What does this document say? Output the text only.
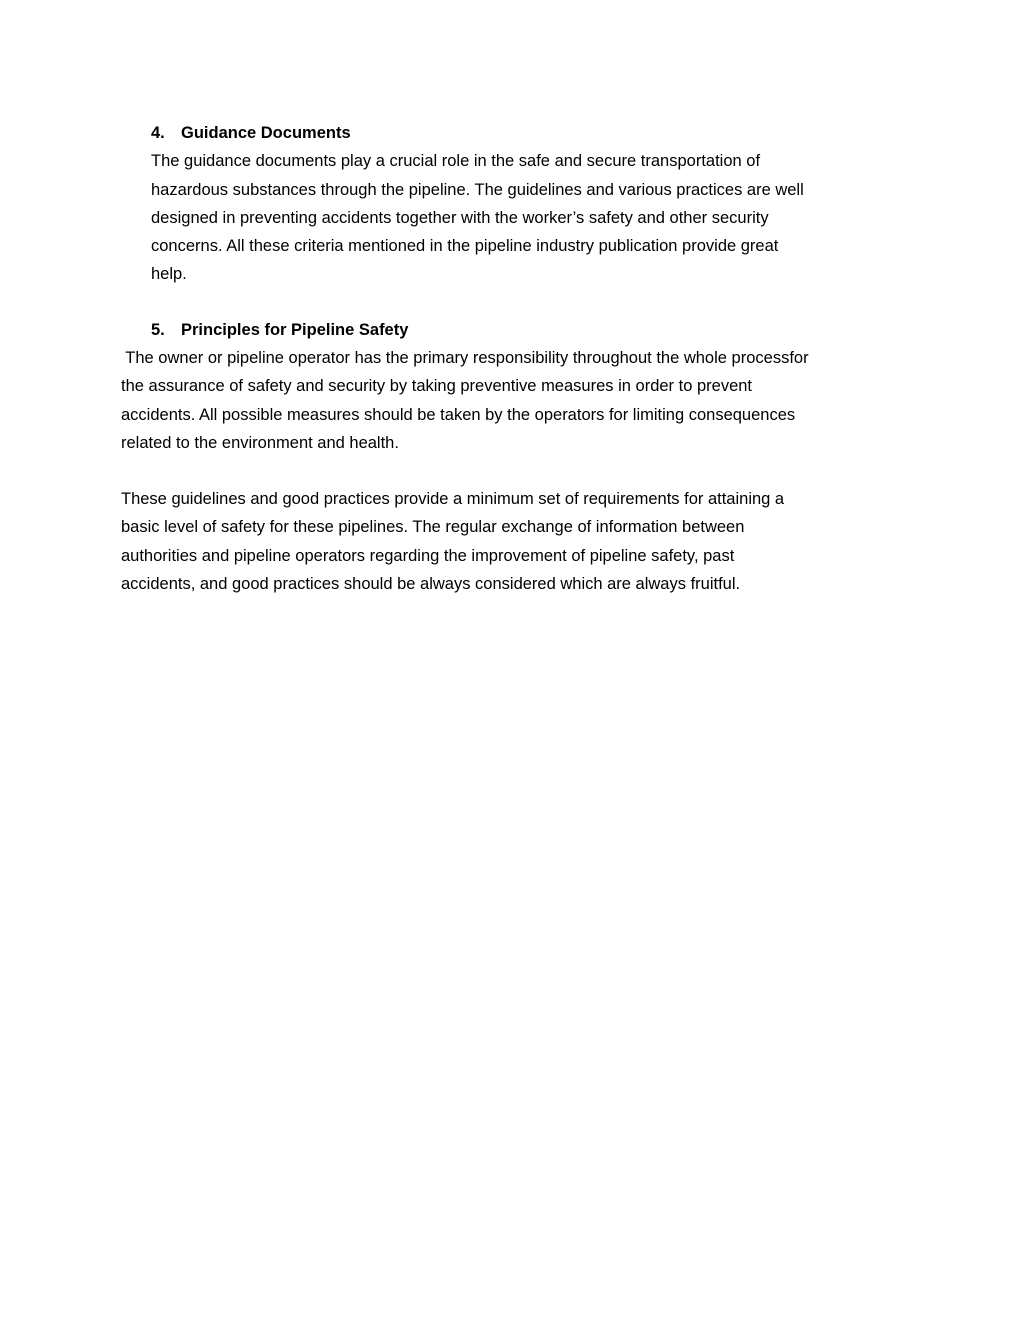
4. Guidance Documents
The guidance documents play a crucial role in the safe and secure transportation of
hazardous substances through the pipeline. The guidelines and various practices are well
designed in preventing accidents together with the worker’s safety and other security
concerns. All these criteria mentioned in the pipeline industry publication provide great
help.
5. Principles for Pipeline Safety
The owner or pipeline operator has the primary responsibility throughout the whole processfor
the assurance of safety and security by taking preventive measures in order to prevent
accidents. All possible measures should be taken by the operators for limiting consequences
related to the environment and health.
These guidelines and good practices provide a minimum set of requirements for attaining a
basic level of safety for these pipelines. The regular exchange of information between
authorities and pipeline operators regarding the improvement of pipeline safety, past
accidents, and good practices should be always considered which are always fruitful.
